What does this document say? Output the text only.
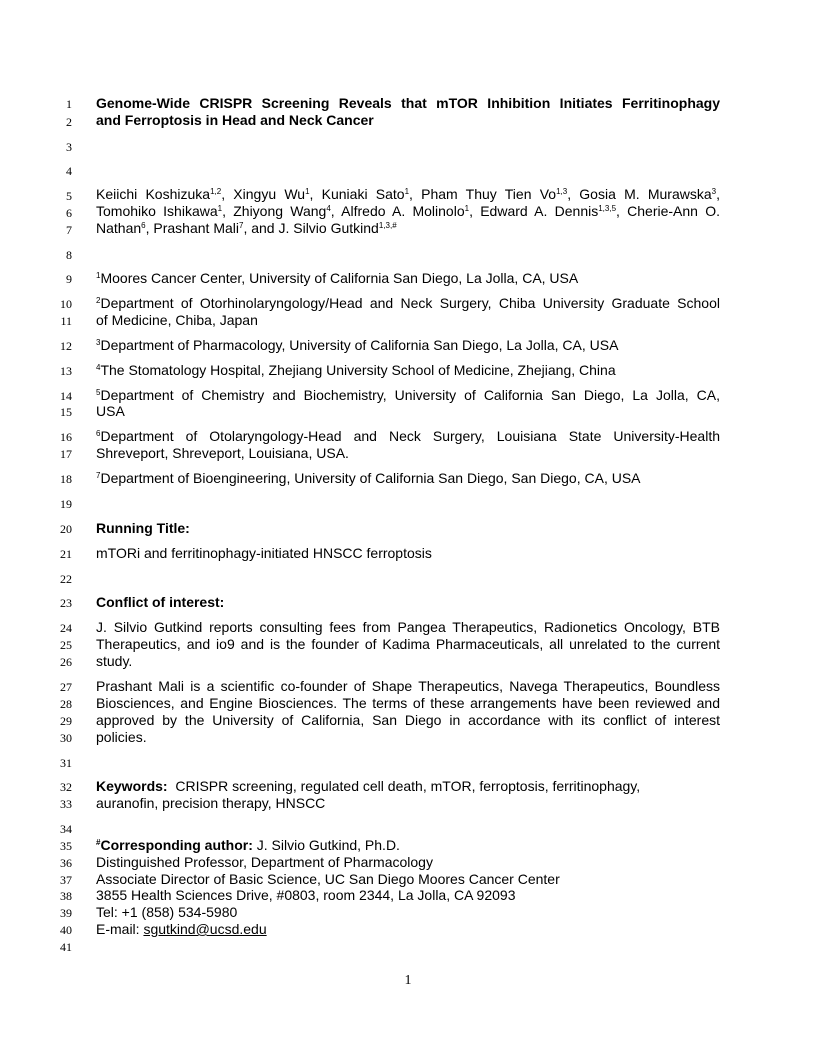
1
2
3
4
5
6
7
8
9
10
11
12
13
14
15
16
17
18
19
20
21
22
23
24
25
26
27
28
29
30
31
32
33
34
35
36
37
38
39
40
41
Genome-Wide CRISPR Screening Reveals that mTOR Inhibition Initiates Ferritinophagy
and Ferroptosis in Head and Neck Cancer
Keiichi Koshizuka$^{1,2}$, Xingyu Wu$^1$, Kuniaki Sato$^1$, Pham Thuy Tien Vo$^{1,3}$, Gosia M. Murawska$^3$,
Tomohiko Ishikawa$^1$, Zhiyong Wang$^4$, Alfredo A. Molinolo$^1$, Edward A. Dennis$^{1,3,5}$, Cherie-Ann O.
Nathan$^6$, Prashant Mali$^7$, and J. Silvio Gutkind$^{1,3,\#}$
$^1$Moores Cancer Center, University of California San Diego, La Jolla, CA, USA
$^2$Department of Otorhinolaryngology/Head and Neck Surgery, Chiba University Graduate School
of Medicine, Chiba, Japan
$^3$Department of Pharmacology, University of California San Diego, La Jolla, CA, USA
$^4$The Stomatology Hospital, Zhejiang University School of Medicine, Zhejiang, China
$^5$Department of Chemistry and Biochemistry, University of California San Diego, La Jolla, CA,
USA
$^6$Department of Otolaryngology-Head and Neck Surgery, Louisiana State University-Health
Shreveport, Shreveport, Louisiana, USA.
$^7$Department of Bioengineering, University of California San Diego, San Diego, CA, USA
Running Title:
mTORi and ferritinophagy-initiated HNSCC ferroptosis
Conflict of interest:
J. Silvio Gutkind reports consulting fees from Pangea Therapeutics, Radionetics Oncology, BTB
Therapeutics, and io9 and is the founder of Kadima Pharmaceuticals, all unrelated to the current
study.
Prashant Mali is a scientific co-founder of Shape Therapeutics, Navega Therapeutics, Boundless
Biosciences, and Engine Biosciences. The terms of these arrangements have been reviewed and
approved by the University of California, San Diego in accordance with its conflict of interest
policies.
Keywords: CRISPR screening, regulated cell death, mTOR, ferroptosis, ferritinophagy,
auranofin, precision therapy, HNSCC
#Corresponding author: J. Silvio Gutkind, Ph.D.
Distinguished Professor, Department of Pharmacology
Associate Director of Basic Science, UC San Diego Moores Cancer Center
3855 Health Sciences Drive, #0803, room 2344, La Jolla, CA 92093
Tel: +1 (858) 534-5980
E-mail: sgutkind@ucsd.edu
1
